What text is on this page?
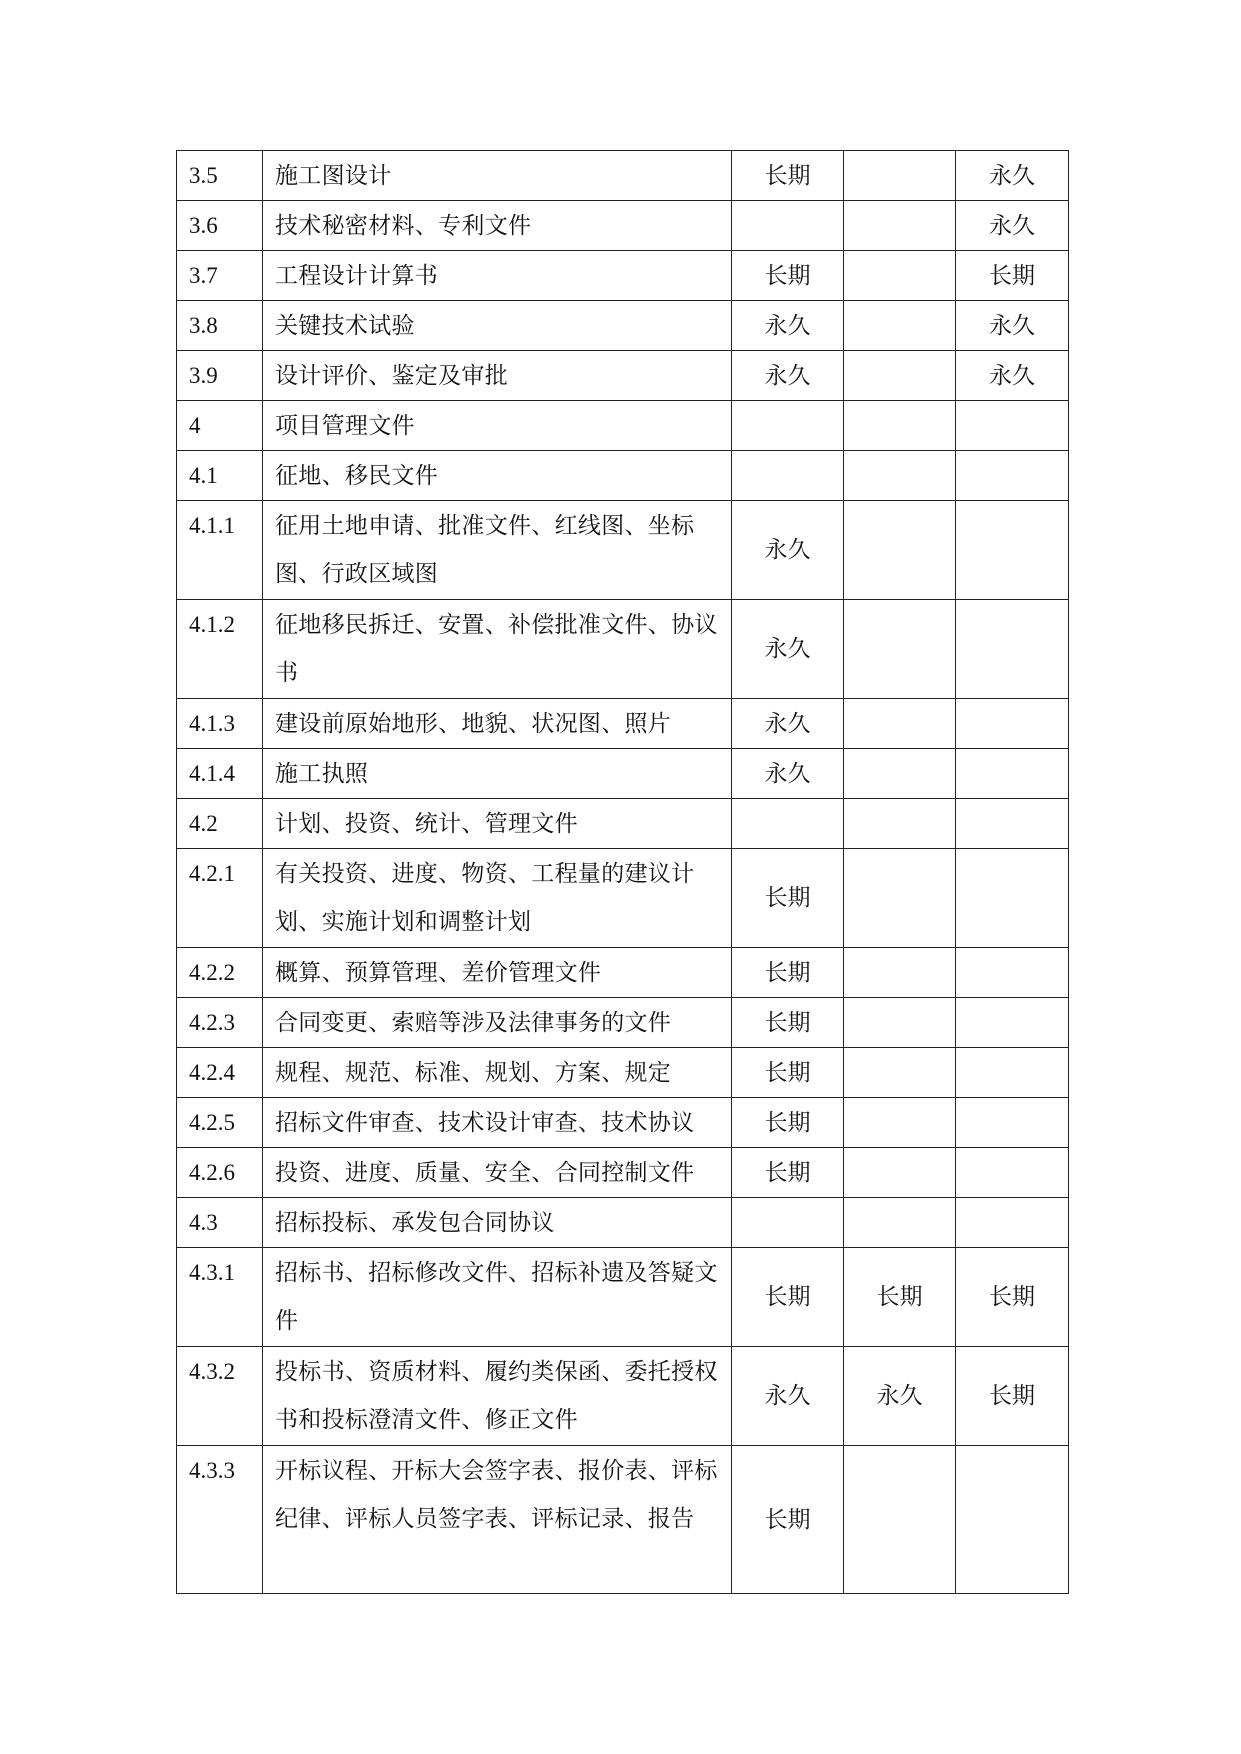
3.5	施工图设计	长期		永久

3.6	技术秘密材料、专利文件			永久

3.7	工程设计计算书	长期		长期

3.8	关键技术试验	永久		永久

3.9	设计评价、鉴定及审批	永久		永久

4	项目管理文件			

4.1	征地、移民文件			

4.1.1	征用土地申请、批准文件、红线图、坐标图、行政区域图	永久		

4.1.2	征地移民拆迁、安置、补偿批准文件、协议书	永久		

4.1.3	建设前原始地形、地貌、状况图、照片	永久		

4.1.4	施工执照	永久		

4.2	计划、投资、统计、管理文件			

4.2.1	有关投资、进度、物资、工程量的建议计划、实施计划和调整计划	长期		

4.2.2	概算、预算管理、差价管理文件	长期		

4.2.3	合同变更、索赔等涉及法律事务的文件	长期		

4.2.4	规程、规范、标准、规划、方案、规定	长期		

4.2.5	招标文件审查、技术设计审查、技术协议	长期		

4.2.6	投资、进度、质量、安全、合同控制文件	长期		

4.3	招标投标、承发包合同协议			

4.3.1	招标书、招标修改文件、招标补遗及答疑文件	长期	长期	长期

4.3.2	投标书、资质材料、履约类保函、委托授权书和投标澄清文件、修正文件	永久	永久	长期

4.3.3	开标议程、开标大会签字表、报价表、评标纪律、评标人员签字表、评标记录、报告	长期		
